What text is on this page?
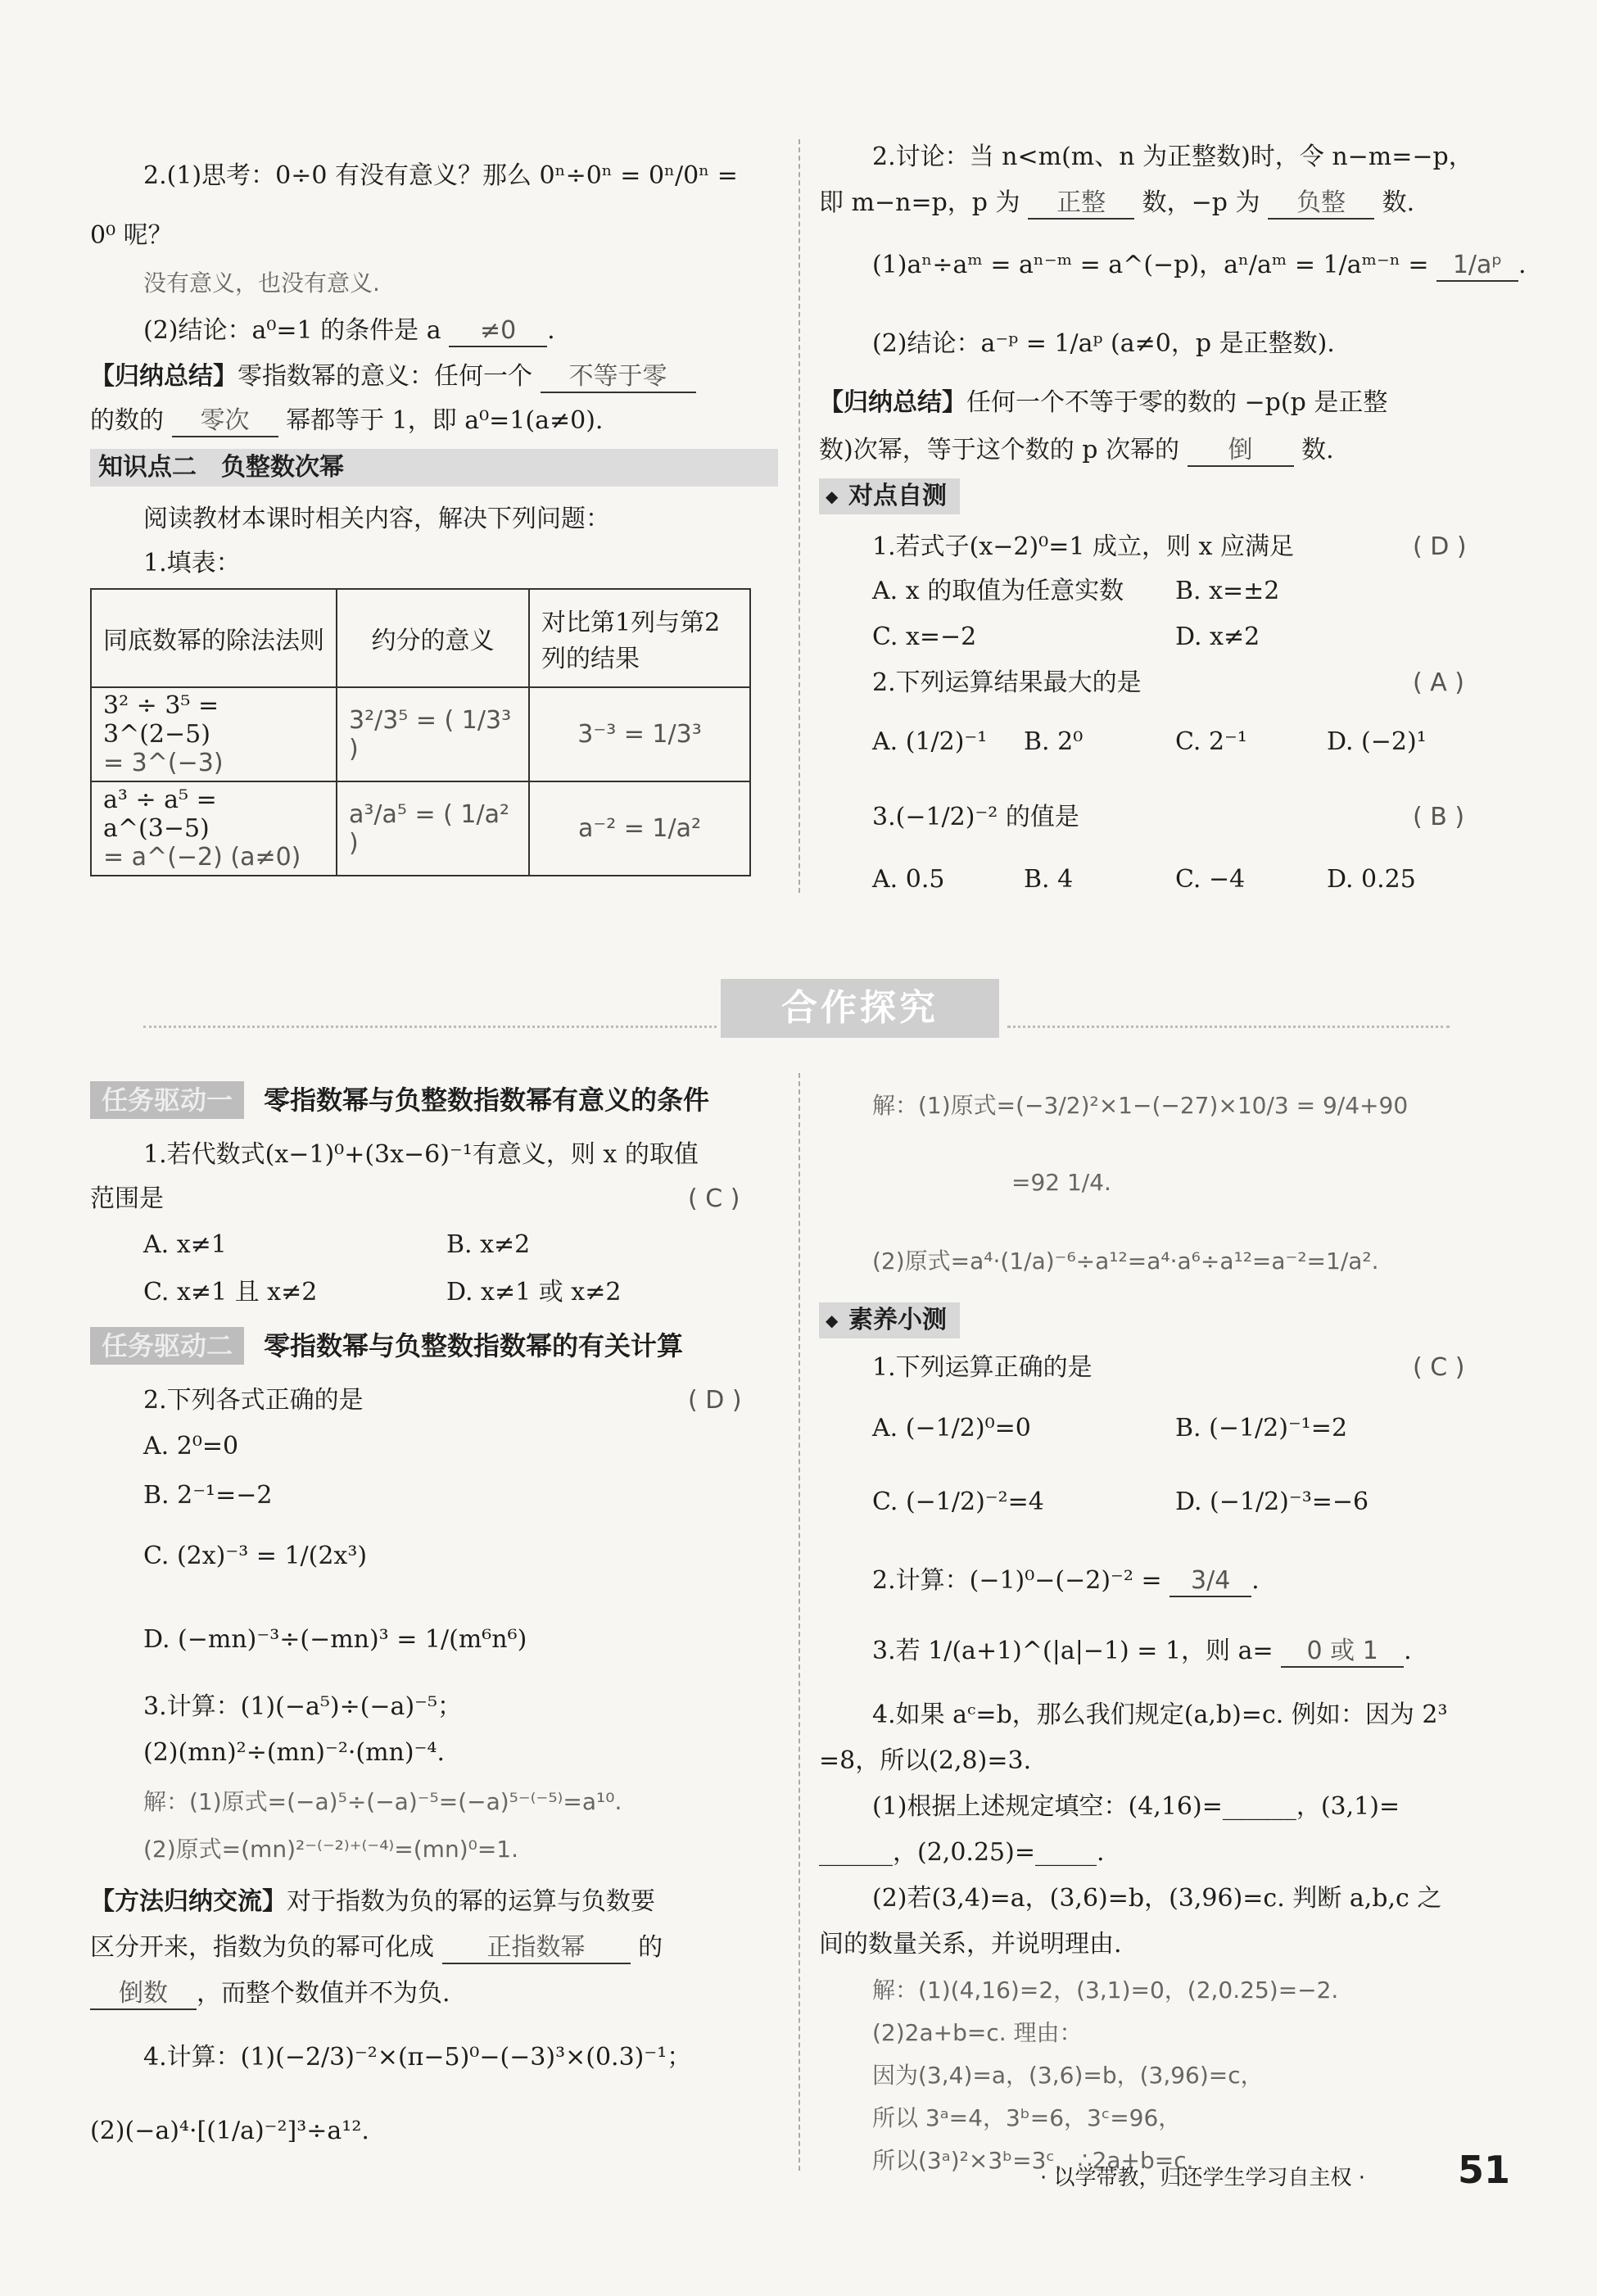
2.(1)思考：0÷0 有没有意义？那么 0ⁿ÷0ⁿ = 0ⁿ/0ⁿ =
0⁰ 呢？
没有意义，也没有意义.
(2)结论：a⁰=1 的条件是 a ≠0 .
【归纳总结】零指数幂的意义：任何一个 不等于零
的数的 零次 幂都等于 1，即 a⁰=1(a≠0).
知识点二　负整数次幂
阅读教材本课时相关内容，解决下列问题：
1.填表：
同底数幂的除法法则	约分的意义	对比第1列与第2列的结果

3² ÷ 3⁵ = 3^(2−5)
= 3^(−3)	3²/3⁵ = ( 1/3³ )	3⁻³ = 1/3³

a³ ÷ a⁵ = a^(3−5)
= a^(−2) (a≠0)	a³/a⁵ = ( 1/a² )	a⁻² = 1/a²
2.讨论：当 n<m(m、n 为正整数)时，令 n−m=−p，
即 m−n=p，p 为 正整 数，−p 为 负整 数.
(1)aⁿ÷aᵐ = aⁿ⁻ᵐ = a^(−p)，aⁿ/aᵐ = 1/aᵐ⁻ⁿ = 1/aᵖ .
(2)结论：a⁻ᵖ = 1/aᵖ (a≠0，p 是正整数).
【归纳总结】任何一个不等于零的数的 −p(p 是正整
数)次幂，等于这个数的 p 次幂的 倒 数.
◆ 对点自测
1.若式子(x−2)⁰=1 成立，则 x 应满足	( D )
A. x 的取值为任意实数 B. x=±2
C. x=−2	D. x≠2
2.下列运算结果最大的是	( A )
A. (1/2)⁻¹ B. 2⁰	C. 2⁻¹	D. (−2)¹
3.(−1/2)⁻² 的值是	( B )
A. 0.5	B. 4	C. −4	D. 0.25
合作探究
任务驱动一 零指数幂与负整数指数幂有意义的条件
1.若代数式(x−1)⁰+(3x−6)⁻¹有意义，则 x 的取值
范围是	( C )
A. x≠1	B. x≠2
C. x≠1 且 x≠2	D. x≠1 或 x≠2
任务驱动二 零指数幂与负整数指数幂的有关计算
2.下列各式正确的是	( D )
A. 2⁰=0
B. 2⁻¹=−2
C. (2x)⁻³ = 1/(2x³)
D. (−mn)⁻³÷(−mn)³ = 1/(m⁶n⁶)
3.计算：(1)(−a⁵)÷(−a)⁻⁵；
(2)(mn)²÷(mn)⁻²·(mn)⁻⁴.
解：(1)原式=(−a)⁵÷(−a)⁻⁵=(−a)⁵⁻⁽⁻⁵⁾=a¹⁰.
(2)原式=(mn)²⁻⁽⁻²⁾⁺⁽⁻⁴⁾=(mn)⁰=1.
【方法归纳交流】对于指数为负的幂的运算与负数要
区分开来，指数为负的幂可化成 正指数幂 的
倒数 ，而整个数值并不为负.
4.计算：(1)(−2/3)⁻²×(π−5)⁰−(−3)³×(0.3)⁻¹；
(2)(−a)⁴·[(1/a)⁻²]³÷a¹².
解：(1)原式=(−3/2)²×1−(−27)×10/3 = 9/4+90
=92 1/4.
(2)原式=a⁴·(1/a)⁻⁶÷a¹²=a⁴·a⁶÷a¹²=a⁻²=1/a².
◆ 素养小测
1.下列运算正确的是	( C )
A. (−1/2)⁰=0	B. (−1/2)⁻¹=2
C. (−1/2)⁻²=4	D. (−1/2)⁻³=−6
2.计算：(−1)⁰−(−2)⁻² = 3/4 .
3.若 1/(a+1)^(|a|−1) = 1，则 a= 0 或 1 .
4.如果 aᶜ=b，那么我们规定(a,b)=c. 例如：因为 2³
=8，所以(2,8)=3.
(1)根据上述规定填空：(4,16)=______，(3,1)=
______，(2,0.25)=_____.
(2)若(3,4)=a，(3,6)=b，(3,96)=c. 判断 a,b,c 之
间的数量关系，并说明理由.
解：(1)(4,16)=2，(3,1)=0，(2,0.25)=−2.
(2)2a+b=c. 理由：
因为(3,4)=a，(3,6)=b，(3,96)=c，
所以 3ᵃ=4，3ᵇ=6，3ᶜ=96，
所以(3ᵃ)²×3ᵇ=3ᶜ，∴2a+b=c.
· 以学带教，归还学生学习自主权 · 51
